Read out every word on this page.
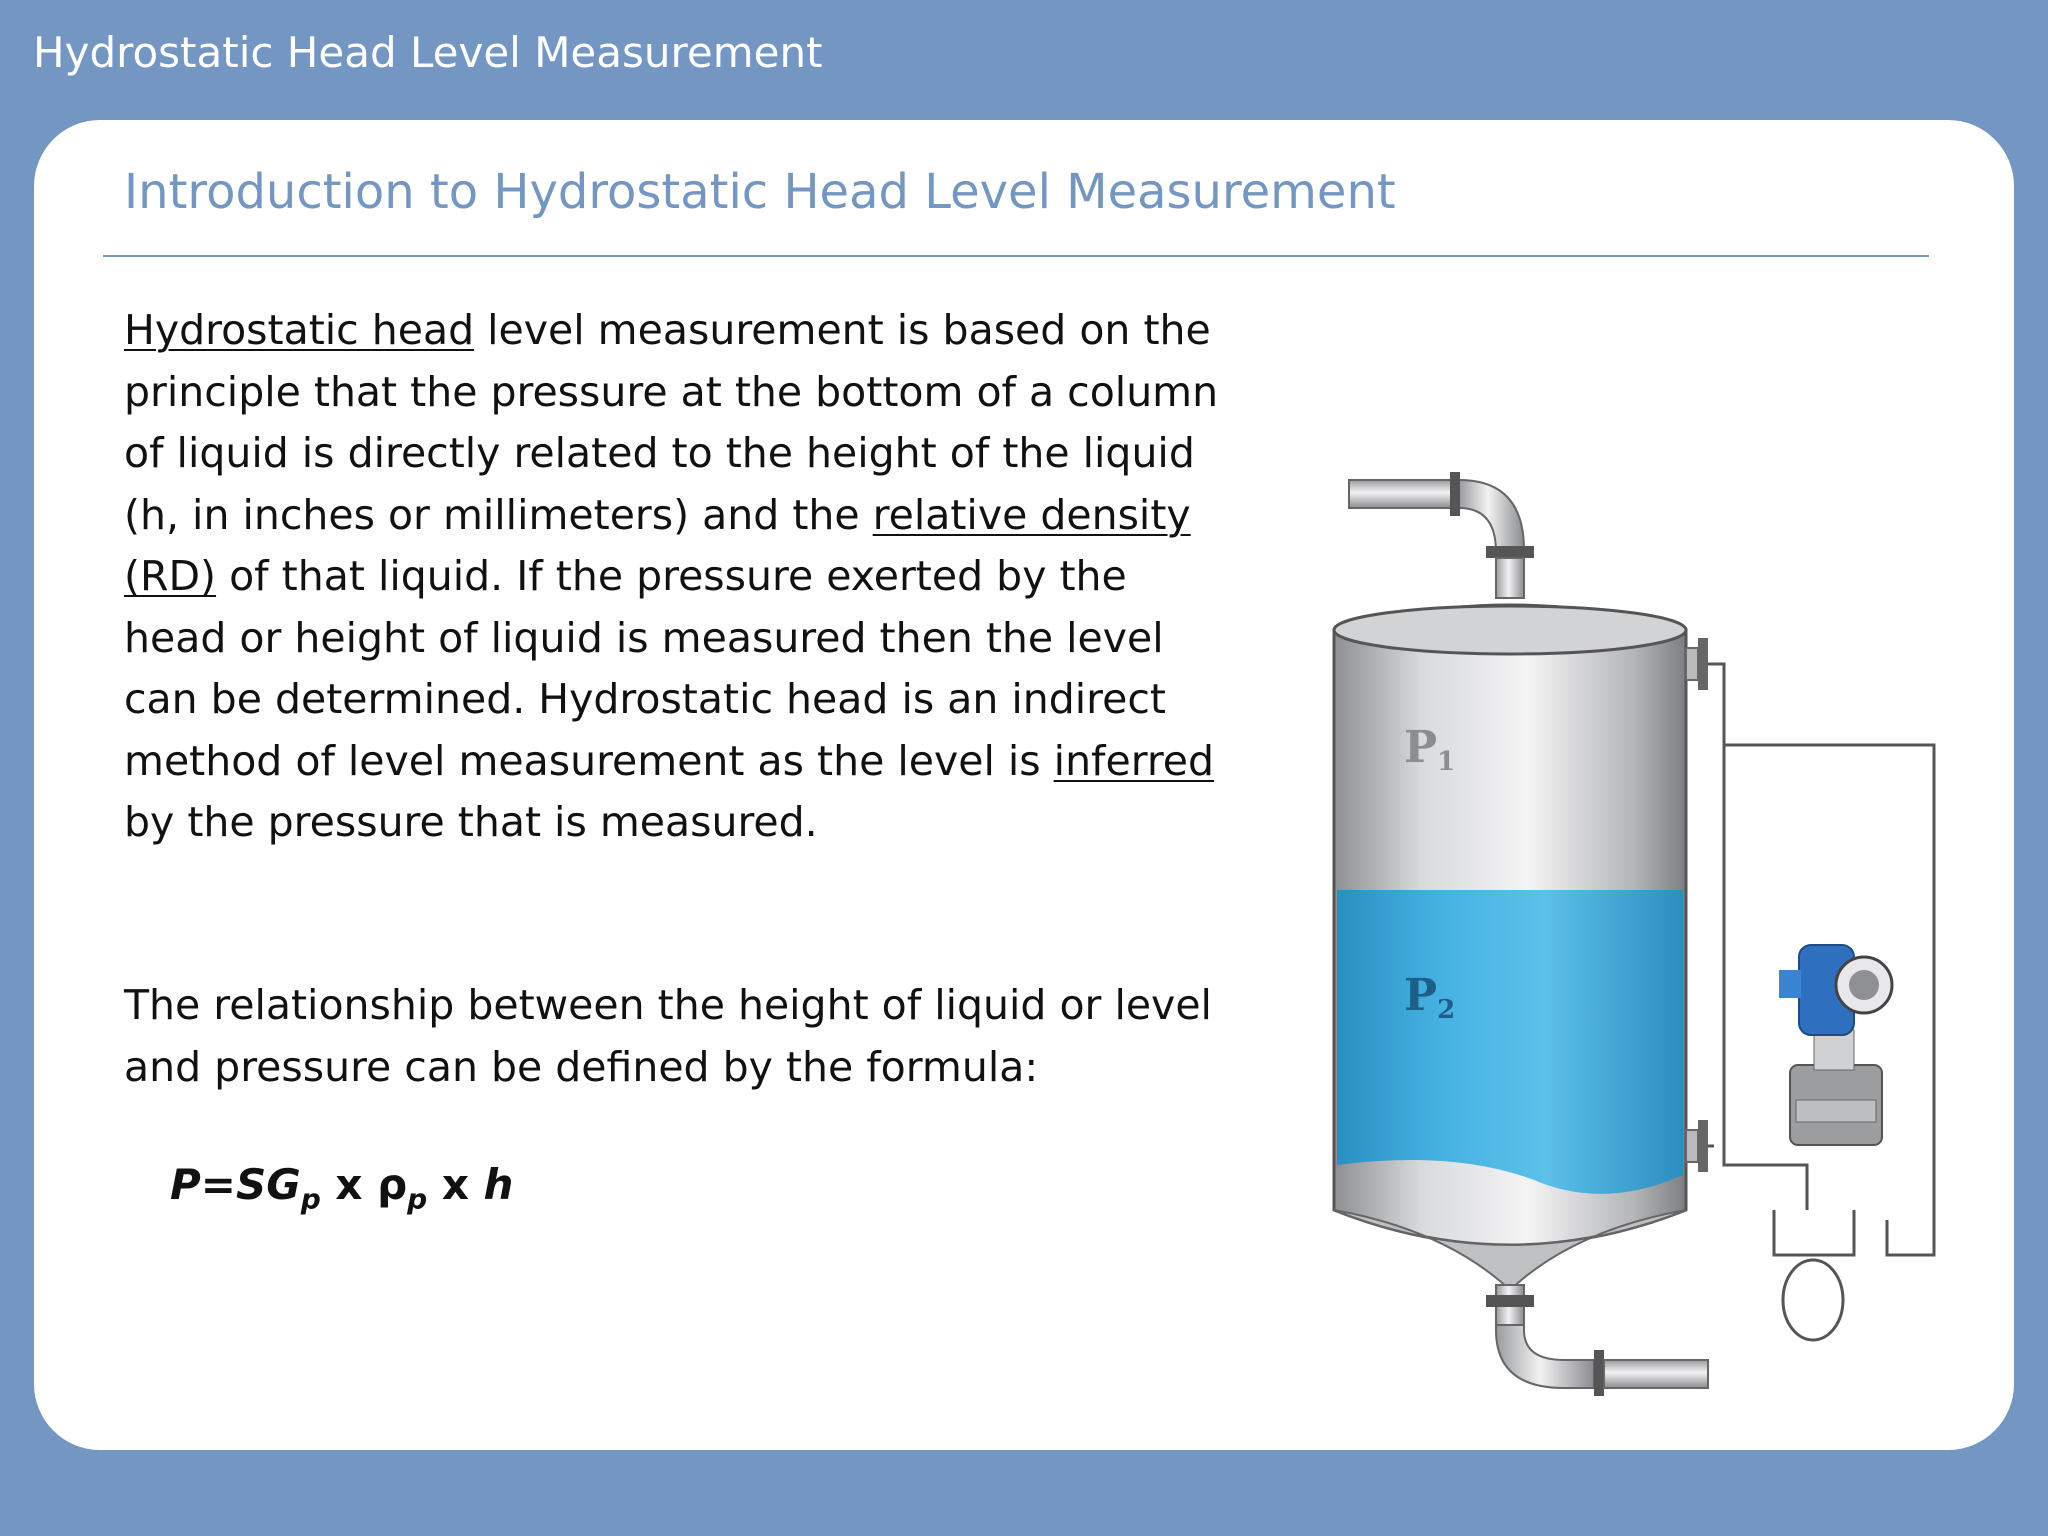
Hydrostatic Head Level Measurement
Introduction to Hydrostatic Head Level Measurement

Hydrostatic head level measurement is based on the principle that the pressure at the bottom of a column of liquid is directly related to the height of the liquid (h, in inches or millimeters) and the relative density (RD) of that liquid. If the pressure exerted by the head or height of liquid is measured then the level can be determined. Hydrostatic head is an indirect method of level measurement as the level is inferred by the pressure that is measured.

The relationship between the height of liquid or level and pressure can be defined by the formula:

$P=SG_p$ x $\rho_p$ x h
P1
P2
